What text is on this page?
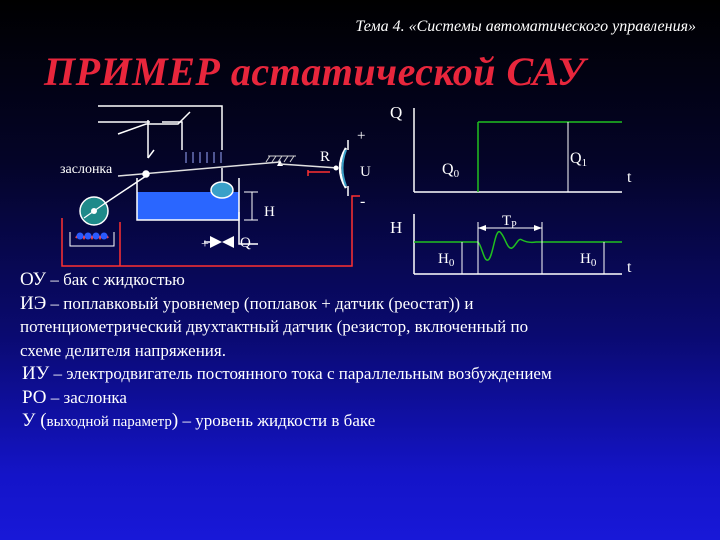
Тема 4. «Системы автоматического управления»
ПРИМЕР астатической САУ
заслонка
H
Q
+
R
U
+
-
Q
t
Q0
Q1
H
t
$T_P$
$H_0$	$H_0$

ОУ – бак с жидкостью

ИЭ – поплавковый уровнемер (поплавок + датчик (реостат)) и

потенциометрический двухтактный датчик (резистор, включенный по

схеме делителя напряжения.

ИУ – электродвигатель постоянного тока с параллельным возбуждением

РО – заслонка

У (выходной параметр) – уровень жидкости в баке
